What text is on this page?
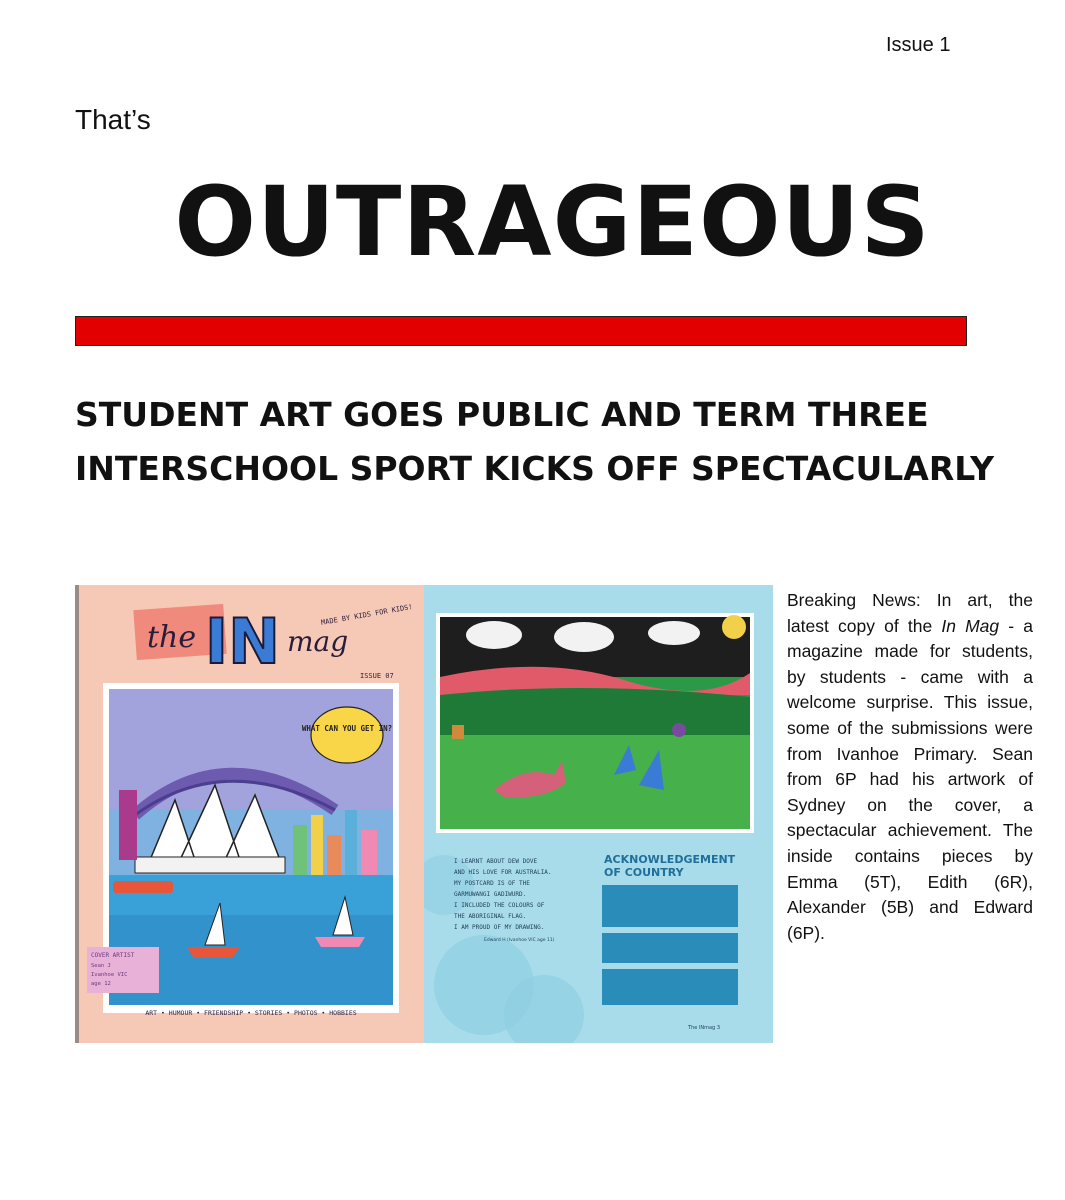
Issue 1
That’s
OUTRAGEOUS
STUDENT ART GOES PUBLIC AND TERM THREE INTERSCHOOL SPORT KICKS OFF SPECTACULARLY
the IN mag
MADE BY KIDS FOR KIDS!
ISSUE 07
WHAT CAN YOU GET IN?
COVER ARTIST
Sean J
Ivanhoe VIC
age 12
ART • HUMOUR • FRIENDSHIP • STORIES • PHOTOS • HOBBIES
I LEARNT ABOUT DEW DOVE
AND HIS LOVE FOR AUSTRALIA.
MY POSTCARD IS OF THE
GARMUWANGI GADIWURD.
I INCLUDED THE COLOURS OF
THE ABORIGINAL FLAG.
I AM PROUD OF MY DRAWING.
Edward H (Ivanhoe VIC age 11)
ACKNOWLEDGEMENT
OF COUNTRY
The INmag 3

Breaking News: In art, the latest copy of the In Mag - a magazine made for students, by students - came with a welcome surprise. This issue, some of the submissions were from Ivanhoe Primary. Sean from 6P had his artwork of Sydney on the cover, a spectacular achievement. The inside contains pieces by Emma (5T), Edith (6R), Alexander (5B) and Edward (6P).
